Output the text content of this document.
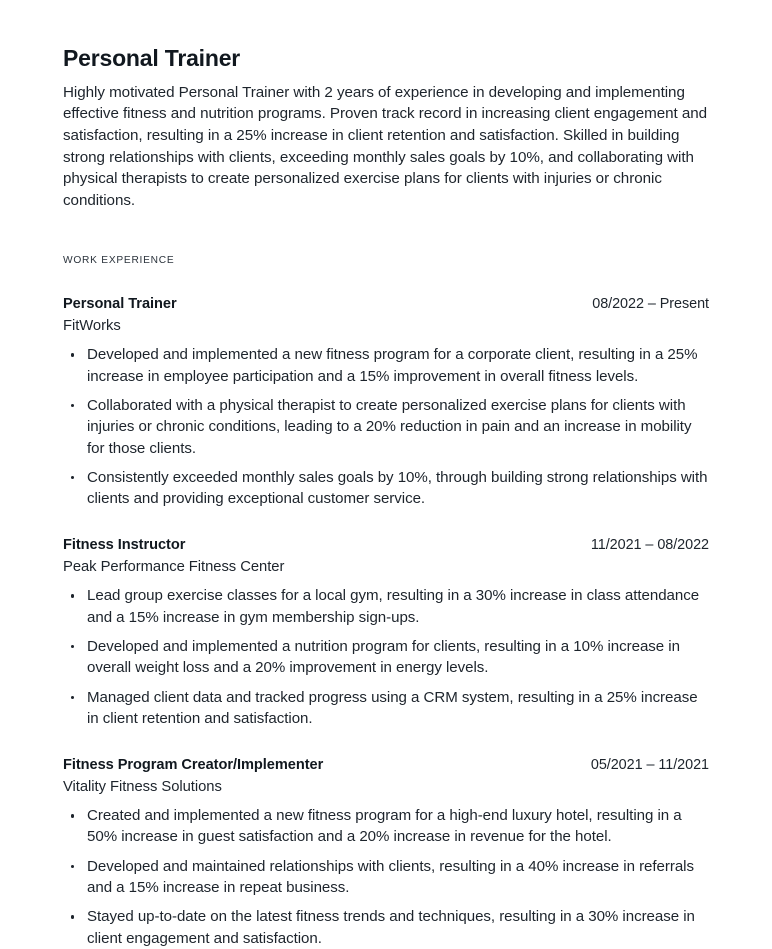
Personal Trainer

Highly motivated Personal Trainer with 2 years of experience in developing and implementing effective fitness and nutrition programs. Proven track record in increasing client engagement and satisfaction, resulting in a 25% increase in client retention and satisfaction. Skilled in building strong relationships with clients, exceeding monthly sales goals by 10%, and collaborating with physical therapists to create personalized exercise plans for clients with injuries or chronic conditions.

WORK EXPERIENCE
Personal Trainer	08/2022 – Present
FitWorks
Developed and implemented a new fitness program for a corporate client, resulting in a 25% increase in employee participation and a 15% improvement in overall fitness levels.
Collaborated with a physical therapist to create personalized exercise plans for clients with injuries or chronic conditions, leading to a 20% reduction in pain and an increase in mobility for those clients.
Consistently exceeded monthly sales goals by 10%, through building strong relationships with clients and providing exceptional customer service.
Fitness Instructor	11/2021 – 08/2022
Peak Performance Fitness Center
Lead group exercise classes for a local gym, resulting in a 30% increase in class attendance and a 15% increase in gym membership sign-ups.
Developed and implemented a nutrition program for clients, resulting in a 10% increase in overall weight loss and a 20% improvement in energy levels.
Managed client data and tracked progress using a CRM system, resulting in a 25% increase in client retention and satisfaction.
Fitness Program Creator/Implementer	05/2021 – 11/2021
Vitality Fitness Solutions
Created and implemented a new fitness program for a high-end luxury hotel, resulting in a 50% increase in guest satisfaction and a 20% increase in revenue for the hotel.
Developed and maintained relationships with clients, resulting in a 40% increase in referrals and a 15% increase in repeat business.
Stayed up-to-date on the latest fitness trends and techniques, resulting in a 30% increase in client engagement and satisfaction.
